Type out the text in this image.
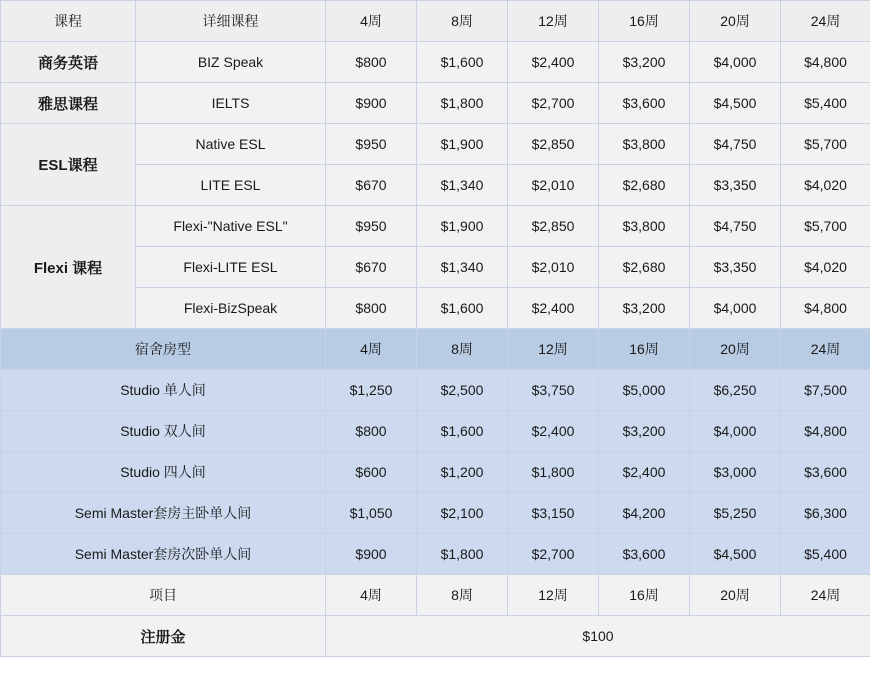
课程	详细课程	4周	8周	12周	16周	20周	24周
商务英语	BIZ Speak	$800	$1,600	$2,400	$3,200	$4,000	$4,800
雅思课程	IELTS	$900	$1,800	$2,700	$3,600	$4,500	$5,400
ESL课程	Native ESL	$950	$1,900	$2,850	$3,800	$4,750	$5,700
	LITE ESL	$670	$1,340	$2,010	$2,680	$3,350	$4,020
Flexi 课程	Flexi-"Native ESL"	$950	$1,900	$2,850	$3,800	$4,750	$5,700
	Flexi-LITE ESL	$670	$1,340	$2,010	$2,680	$3,350	$4,020
	Flexi-BizSpeak	$800	$1,600	$2,400	$3,200	$4,000	$4,800
宿舍房型		4周	8周	12周	16周	20周	24周
Studio 单人间		$1,250	$2,500	$3,750	$5,000	$6,250	$7,500
Studio 双人间		$800	$1,600	$2,400	$3,200	$4,000	$4,800
Studio 四人间		$600	$1,200	$1,800	$2,400	$3,000	$3,600
Semi Master套房主卧单人间		$1,050	$2,100	$3,150	$4,200	$5,250	$6,300
Semi Master套房次卧单人间		$900	$1,800	$2,700	$3,600	$4,500	$5,400
项目		4周	8周	12周	16周	20周	24周
注册金		$100					
